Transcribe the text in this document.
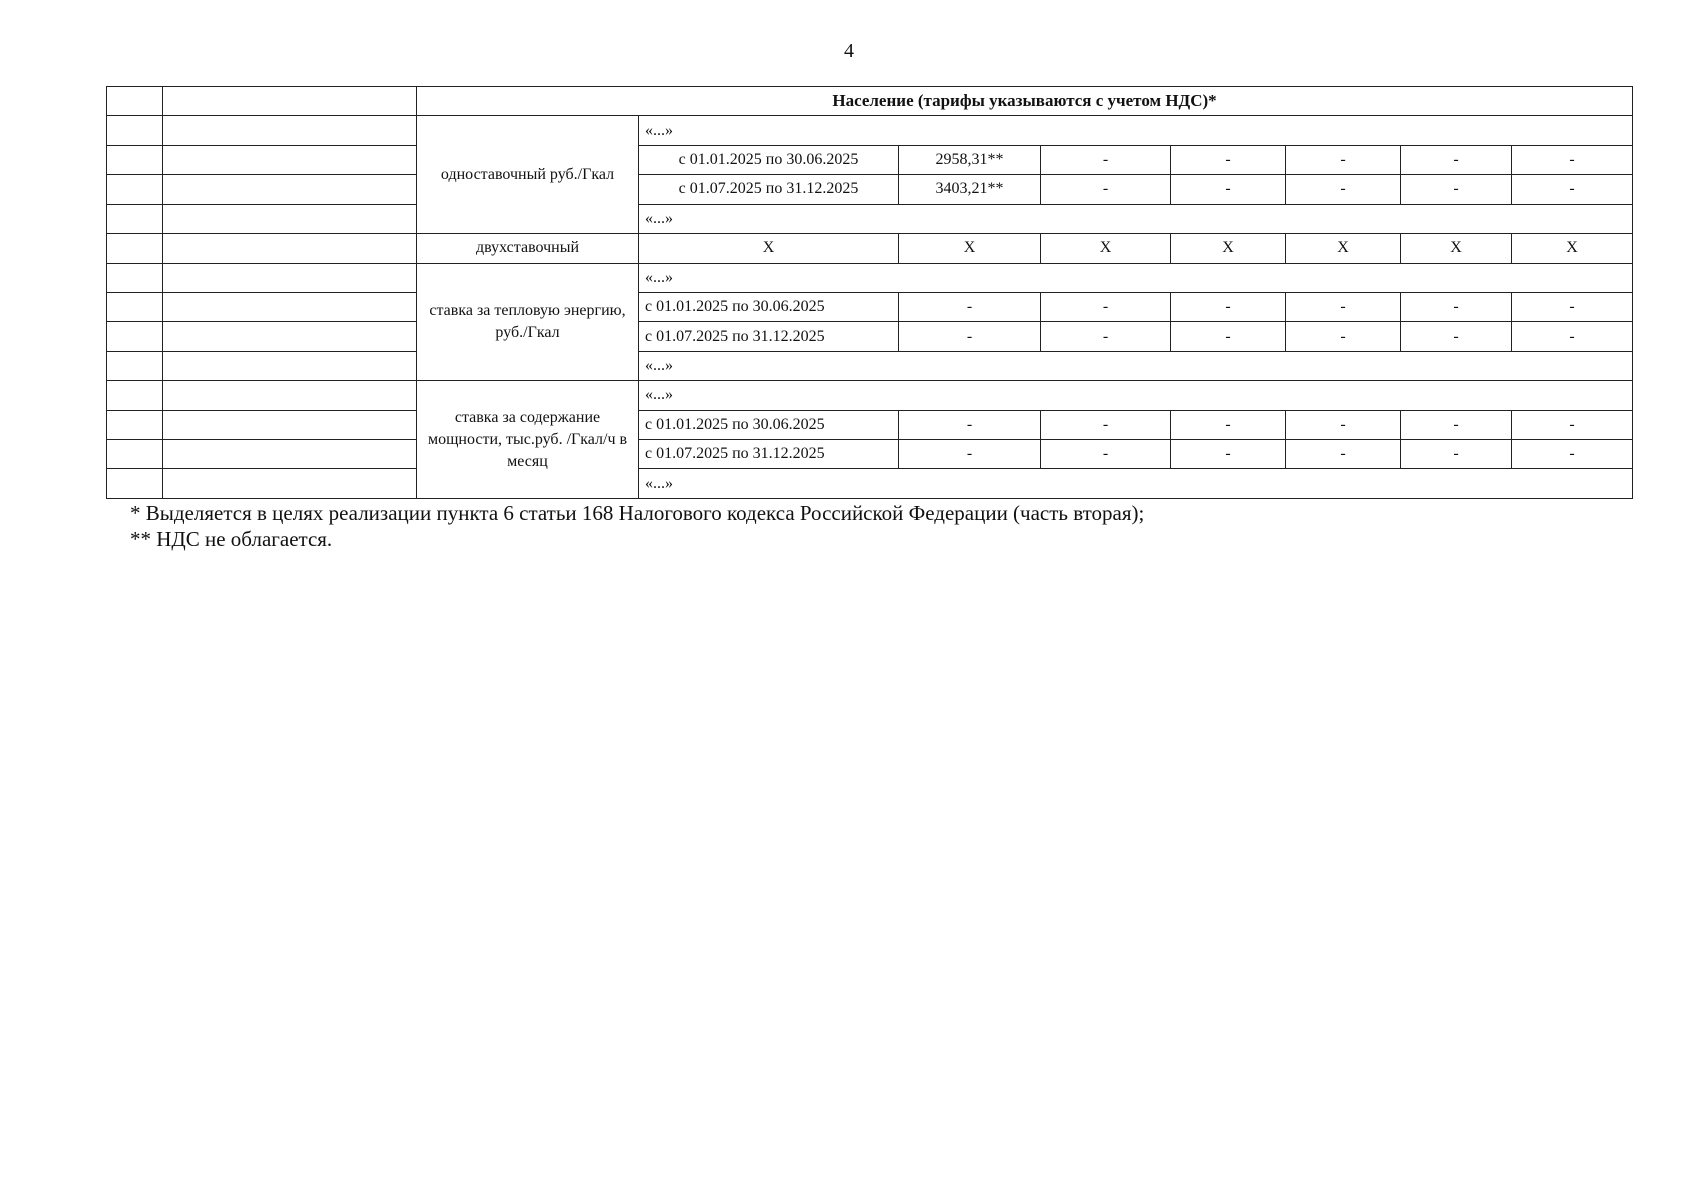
4
		Население (тарифы указываются с учетом НДС)*							
		одноставочный руб./Гкал	«...»						
			с 01.01.2025 по 30.06.2025	2958,31**	-	-	-	-	-
			с 01.07.2025 по 31.12.2025	3403,21**	-	-	-	-	-
			«...»						
		двухставочный	X	X	X	X	X	X	X
		ставка за тепловую энергию, руб./Гкал	«...»						
			с 01.01.2025 по 30.06.2025	-	-	-	-	-	-
			с 01.07.2025 по 31.12.2025	-	-	-	-	-	-
			«...»						
		ставка за содержание мощности, тыс.руб. /Гкал/ч в месяц	«...»						
			с 01.01.2025 по 30.06.2025	-	-	-	-	-	-
			с 01.07.2025 по 31.12.2025	-	-	-	-	-	-
			«...»						
* Выделяется в целях реализации пункта 6 статьи 168 Налогового кодекса Российской Федерации (часть вторая);
** НДС не облагается.
